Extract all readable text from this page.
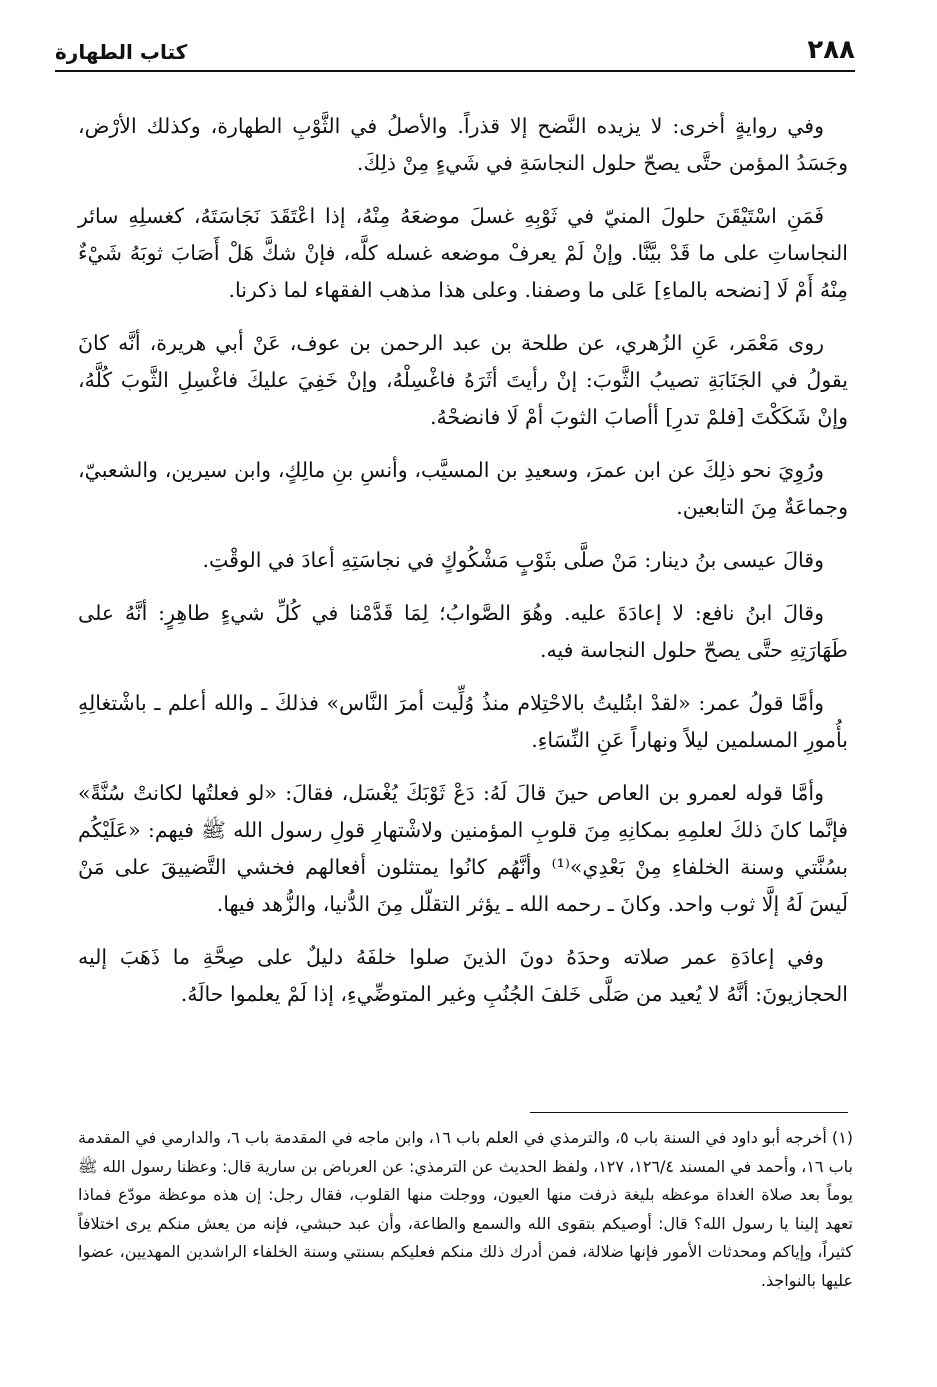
٢٨٨
كتاب الطهارة

وفي روايةٍ أخرى: لا يزيده النَّضح إلا قذراً. والأصلُ في الثَّوْبِ الطهارة، وكذلك الأرْض، وجَسَدُ المؤمن حتَّى يصحّ حلول النجاسَةِ في شَيءٍ مِنْ ذلِكَ.

فَمَنِ اسْتَيْقَنَ حلولَ المنيّ في ثَوْبِهِ غسلَ موضعَهُ مِنْهُ، إذا اعْتَقَدَ نَجَاسَتَهُ، كغسلِهِ سائر النجاساتِ على ما قَدْ بيَّنَّا. وإنْ لَمْ يعرفْ موضعه غسله كلَّه، فإنْ شكَّ هَلْ أَصَابَ ثوبَهُ شَيْءٌ مِنْهُ أَمْ لَا [نضحه بالماءِ] عَلى ما وصفنا. وعلى هذا مذهب الفقهاء لما ذكرنا.

روى مَعْمَر، عَنِ الزُهري، عن طلحة بن عبد الرحمن بن عوف، عَنْ أبي هريرة، أنَّه كانَ يقولُ في الجَنَابَةِ تصيبُ الثَّوبَ: إنْ رأيتَ أثَرَهُ فاغْسِلْهُ، وإنْ خَفِيَ عليكَ فاغْسِلِ الثَّوبَ كُلَّهُ، وإنْ شَكَكْتَ [فلمْ تدرِ] أأصابَ الثوبَ أمْ لَا فانضحْهُ.

ورُوِيَ نحو ذلِكَ عن ابن عمرَ، وسعيدِ بن المسيَّب، وأنسِ بنِ مالِكٍ، وابن سيرين، والشعبيّ، وجماعَةٌ مِنَ التابعين.

وقالَ عيسى بنُ دينار: مَنْ صلَّى بثَوْبٍ مَشْكُوكٍ في نجاسَتِهِ أعادَ في الوقْتِ.

وقالَ ابنُ نافع: لا إعادَةَ عليه. وهُوَ الصَّوابُ؛ لِمَا قَدَّمْنا في كُلِّ شيءٍ طاهِرٍ: أنَّهُ على طَهَارَتِهِ حتَّى يصحّ حلول النجاسة فيه.

وأمَّا قولُ عمر: «لقدْ ابتُليتُ بالاحْتِلام منذُ وُلِّيت أمرَ النَّاس» فذلكَ ـ والله أعلم ـ باشْتغالِهِ بأُمورِ المسلمين ليلاً ونهاراً عَنِ النِّسَاءِ.

وأمَّا قوله لعمرو بن العاص حينَ قالَ لَهُ: دَعْ ثَوْبَكَ يُغْسَل، فقالَ: «لو فعلتُها لكانتْ سُنَّةً» فإنَّما كانَ ذلكَ لعلمِهِ بمكانِهِ مِنَ قلوبِ المؤمنين ولاشْتهارِ قولِ رسول الله ﷺ فيهم: «عَلَيْكُم بسُنَّتي وسنة الخلفاءِ مِنْ بَعْدِي»⁽¹⁾ وأنَّهُم كانُوا يمتثلون أفعالهم فخشي التَّضييقَ على مَنْ لَيسَ لَهُ إلَّا ثوب واحد. وكانَ ـ رحمه الله ـ يؤثر التقلّل مِنَ الدُّنيا، والزُّهد فيها.

وفي إعادَةِ عمر صلاته وحدَهُ دونَ الذينَ صلوا خلفَهُ دليلٌ على صِحَّةِ ما ذَهَبَ إليه الحجازيونَ: أنَّهُ لا يُعيد من صَلَّى خَلفَ الجُنُبِ وغير المتوضِّيءِ، إذا لَمْ يعلموا حالَهُ.

(١) أخرجه أبو داود في السنة باب ٥، والترمذي في العلم باب ١٦، وابن ماجه في المقدمة باب ٦، والدارمي في المقدمة باب ١٦، وأحمد في المسند ١٢٦/٤، ١٢٧، ولفظ الحديث عن الترمذي: عن العرباض بن سارية قال: وعظنا رسول الله ﷺ يوماً بعد صلاة الغداة موعظه بليغة ذرفت منها العيون، ووجلت منها القلوب، فقال رجل: إن هذه موعظة مودّع فماذا تعهد إلينا يا رسول الله؟ قال: أوصيكم بتقوى الله والسمع والطاعة، وأن عبد حبشي، فإنه من يعش منكم يرى اختلافاً كثيراً، وإياكم ومحدثات الأمور فإنها ضلالة، فمن أدرك ذلك منكم فعليكم بسنتي وسنة الخلفاء الراشدين المهديين، عضوا عليها بالنواجذ.
